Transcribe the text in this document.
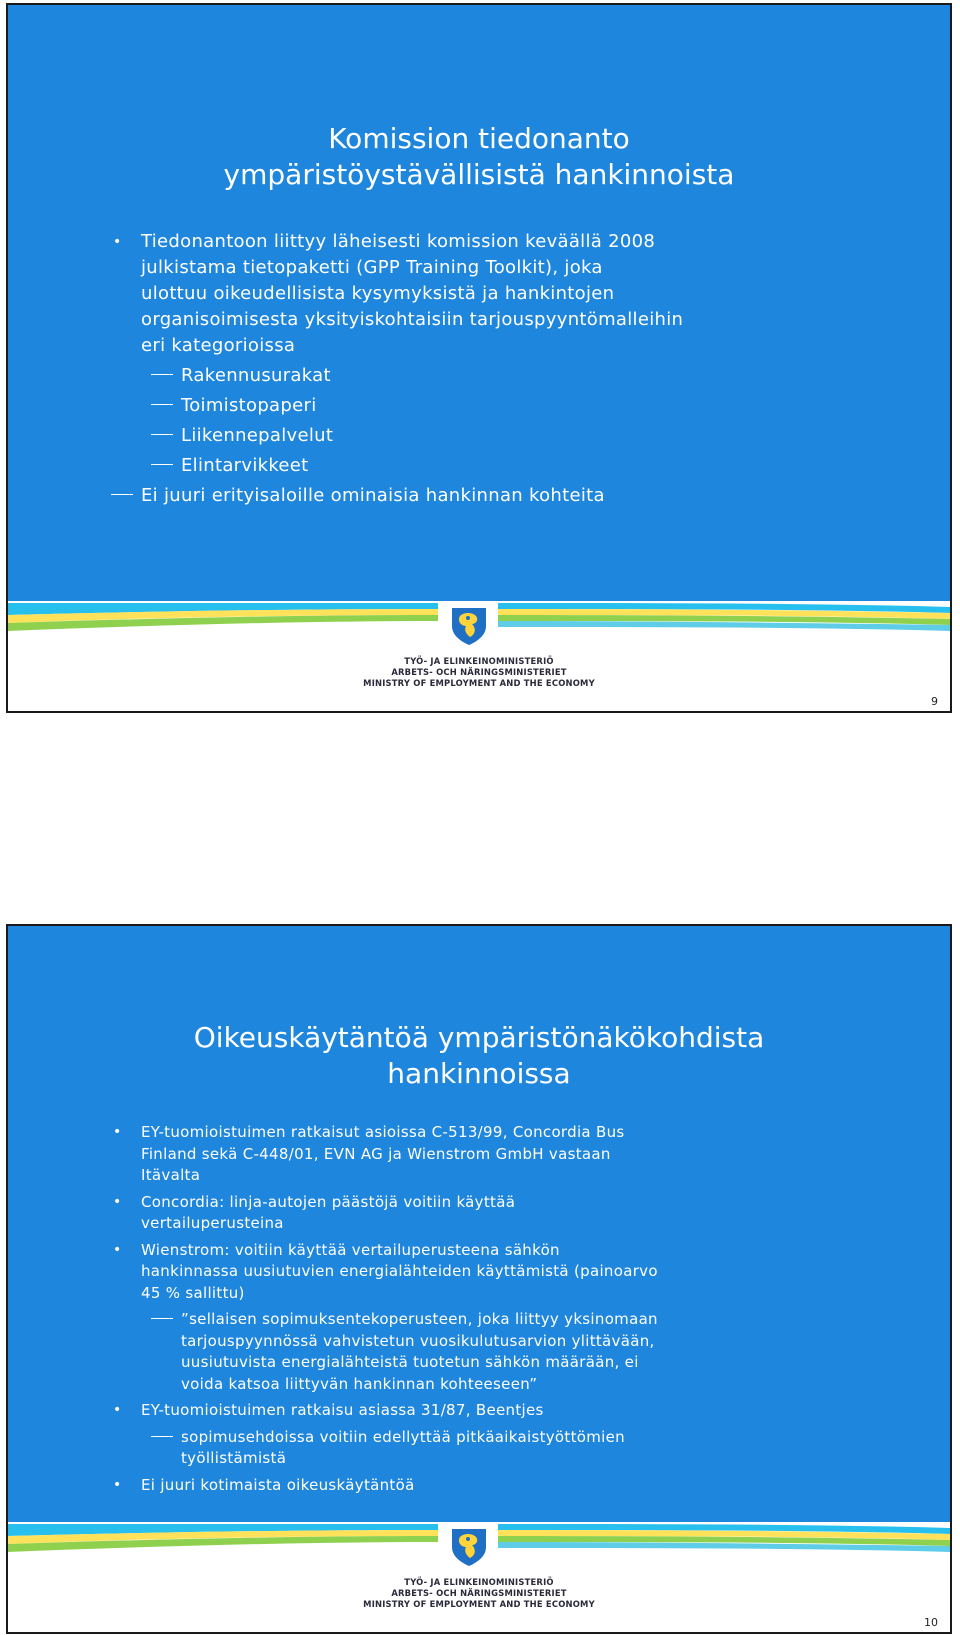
Komission tiedonanto
ympäristöystävällisistä hankinnoista
• Tiedonantoon liittyy läheisesti komission keväällä 2008
julkistama tietopaketti (GPP Training Toolkit), joka
ulottuu oikeudellisista kysymyksistä ja hankintojen
organisoimisesta yksityiskohtaisiin tarjouspyyntömalleihin
eri kategorioissa
Rakennusurakat
Toimistopaperi
Liikennepalvelut
Elintarvikkeet
Ei juuri erityisaloille ominaisia hankinnan kohteita
TYÖ- JA ELINKEINOMINISTERIÖ
ARBETS- OCH NÄRINGSMINISTERIET
MINISTRY OF EMPLOYMENT AND THE ECONOMY
9
Oikeuskäytäntöä ympäristönäkökohdista
hankinnoissa
• EY-tuomioistuimen ratkaisut asioissa C-513/99, Concordia Bus
Finland sekä C-448/01, EVN AG ja Wienstrom GmbH vastaan
Itävalta
• Concordia: linja-autojen päästöjä voitiin käyttää
vertailuperusteina
• Wienstrom: voitiin käyttää vertailuperusteena sähkön
hankinnassa uusiutuvien energialähteiden käyttämistä (painoarvo
45 % sallittu)
”sellaisen sopimuksentekoperusteen, joka liittyy yksinomaan
tarjouspyynnössä vahvistetun vuosikulutusarvion ylittävään,
uusiutuvista energialähteistä tuotetun sähkön määrään, ei
voida katsoa liittyvän hankinnan kohteeseen”
• EY-tuomioistuimen ratkaisu asiassa 31/87, Beentjes
sopimusehdoissa voitiin edellyttää pitkäaikaistyöttömien
työllistämistä
• Ei juuri kotimaista oikeuskäytäntöä
TYÖ- JA ELINKEINOMINISTERIÖ
ARBETS- OCH NÄRINGSMINISTERIET
MINISTRY OF EMPLOYMENT AND THE ECONOMY
10
